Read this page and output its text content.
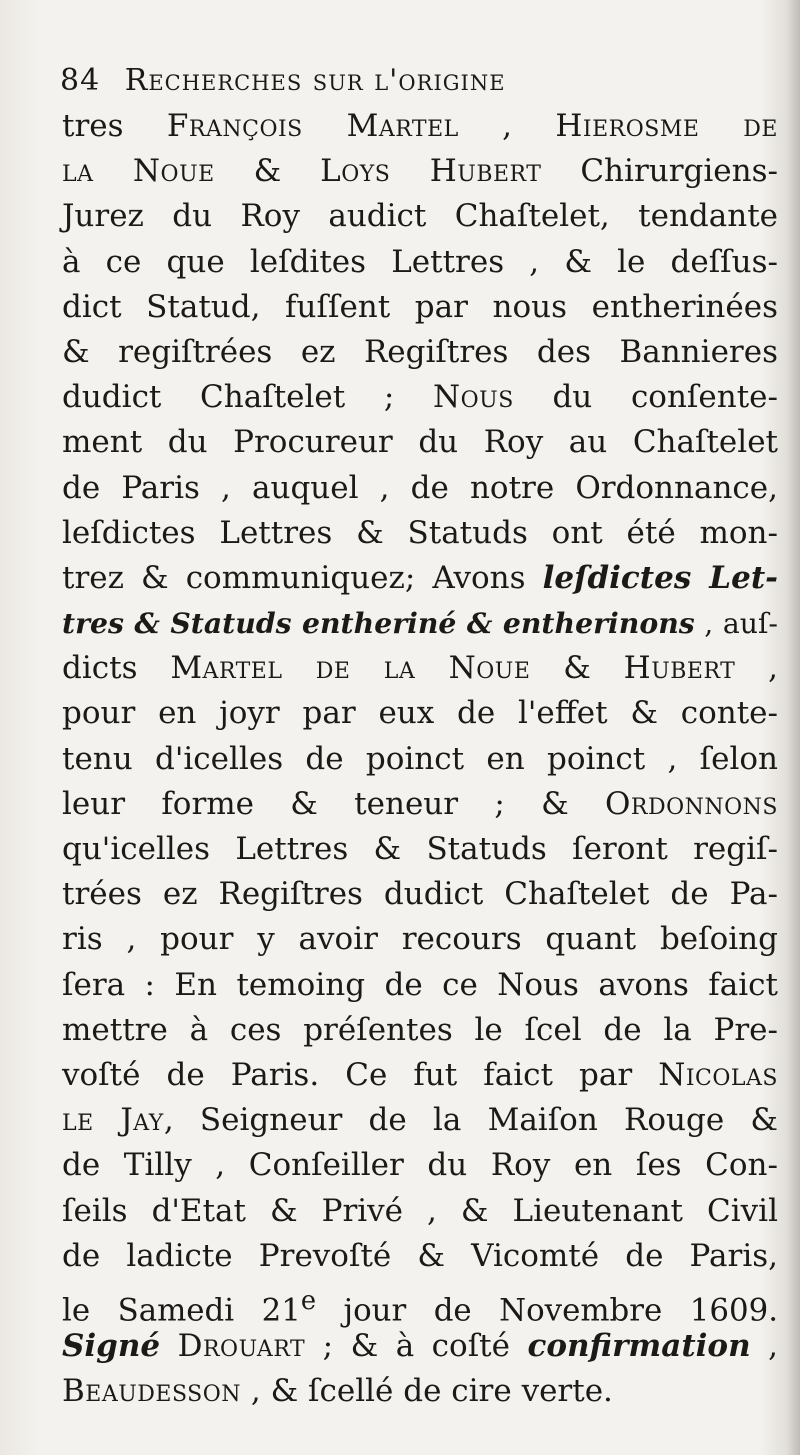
84 Recherches sur l'origine
tres François Martel , Hierosme de
la Noue & Loys Hubert Chirurgiens-
Jurez du Roy audict Chaſtelet, tendante
à ce que leſdites Lettres , & le deſſus-
dict Statud, fuſſent par nous entherinées
& regiſtrées ez Regiſtres des Bannieres
dudict Chaſtelet ; Nous du conſente-
ment du Procureur du Roy au Chaſtelet
de Paris , auquel , de notre Ordonnance,
leſdictes Lettres & Statuds ont été mon-
trez & communiquez; Avons leſdictes Let-
tres & Statuds entheriné & entherinons , auſ-
dicts Martel de la Noue & Hubert ,
pour en joyr par eux de l'effet & conte-
tenu d'icelles de poinct en poinct , ſelon
leur forme & teneur ; & Ordonnons
qu'icelles Lettres & Statuds ſeront regiſ-
trées ez Regiſtres dudict Chaſtelet de Pa-
ris , pour y avoir recours quant beſoing
ſera : En temoing de ce Nous avons faict
mettre à ces préſentes le ſcel de la Pre-
voſté de Paris. Ce fut faict par Nicolas
le Jay, Seigneur de la Maiſon Rouge &
de Tilly , Conſeiller du Roy en ſes Con-
ſeils d'Etat & Privé , & Lieutenant Civil
de ladicte Prevoſté & Vicomté de Paris,
le Samedi 21e jour de Novembre 1609.
Signé Drouart ; & à coſté confirmation ,
Beaudesson , & ſcellé de cire verte.
